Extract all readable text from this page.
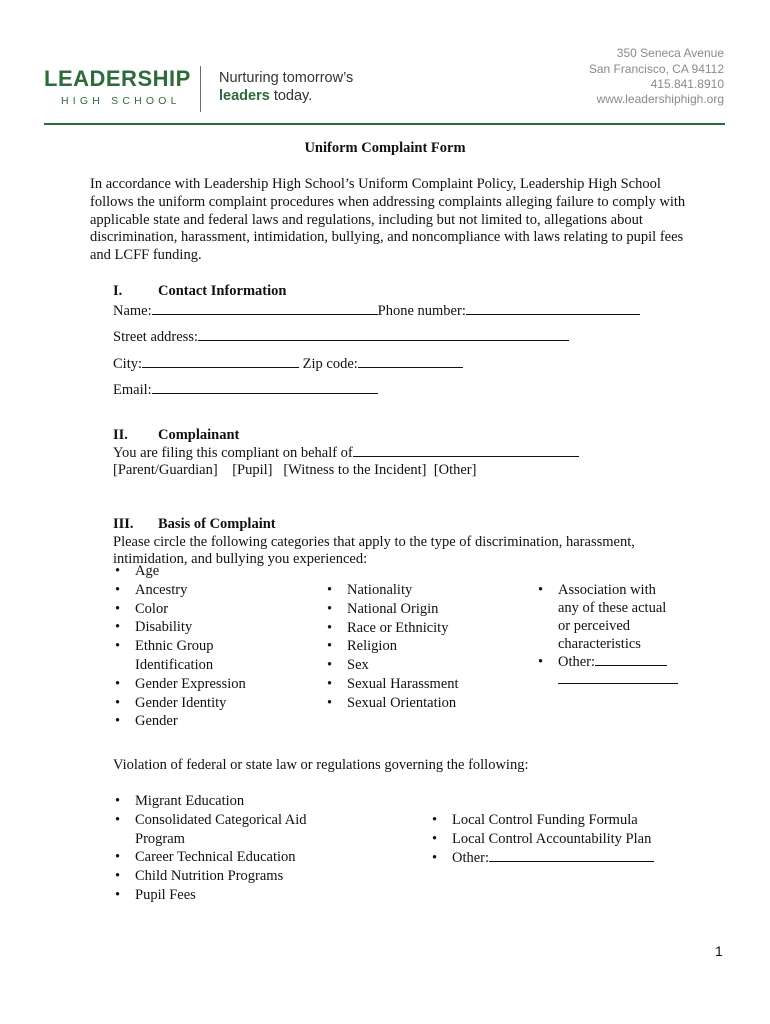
LEADERSHIP
HIGH SCHOOL
Nurturing tomorrow’s
leaders today.
350 Seneca Avenue
San Francisco, CA 94112
415.841.8910
www.leadershiphigh.org
Uniform Complaint Form
In accordance with Leadership High School’s Uniform Complaint Policy, Leadership High School follows the uniform complaint procedures when addressing complaints alleging failure to comply with applicable state and federal laws and regulations, including but not limited to, allegations about discrimination, harassment, intimidation, bullying, and noncompliance with laws relating to pupil fees and LCFF funding.
I. Contact Information
Name:	Phone number:
Street address:
City:	Zip code:
Email:
II. Complainant
You are filing this compliant on behalf of
[Parent/Guardian] [Pupil] [Witness to the Incident] [Other]
III. Basis of Complaint
Please circle the following categories that apply to the type of discrimination, harassment,
intimidation, and bullying you experienced:
• Age
• Ancestry
• Color
• Disability
• Ethnic Group
Identification
• Gender Expression
• Gender Identity
• Gender
• Nationality
• National Origin
• Race or Ethnicity
• Religion
• Sex
• Sexual Harassment
• Sexual Orientation
• Association with
any of these actual
or perceived
characteristics
• Other:
Violation of federal or state law or regulations governing the following:
• Migrant Education
• Consolidated Categorical Aid
Program
• Career Technical Education
• Child Nutrition Programs
• Pupil Fees
• Local Control Funding Formula
• Local Control Accountability Plan
• Other:
1
